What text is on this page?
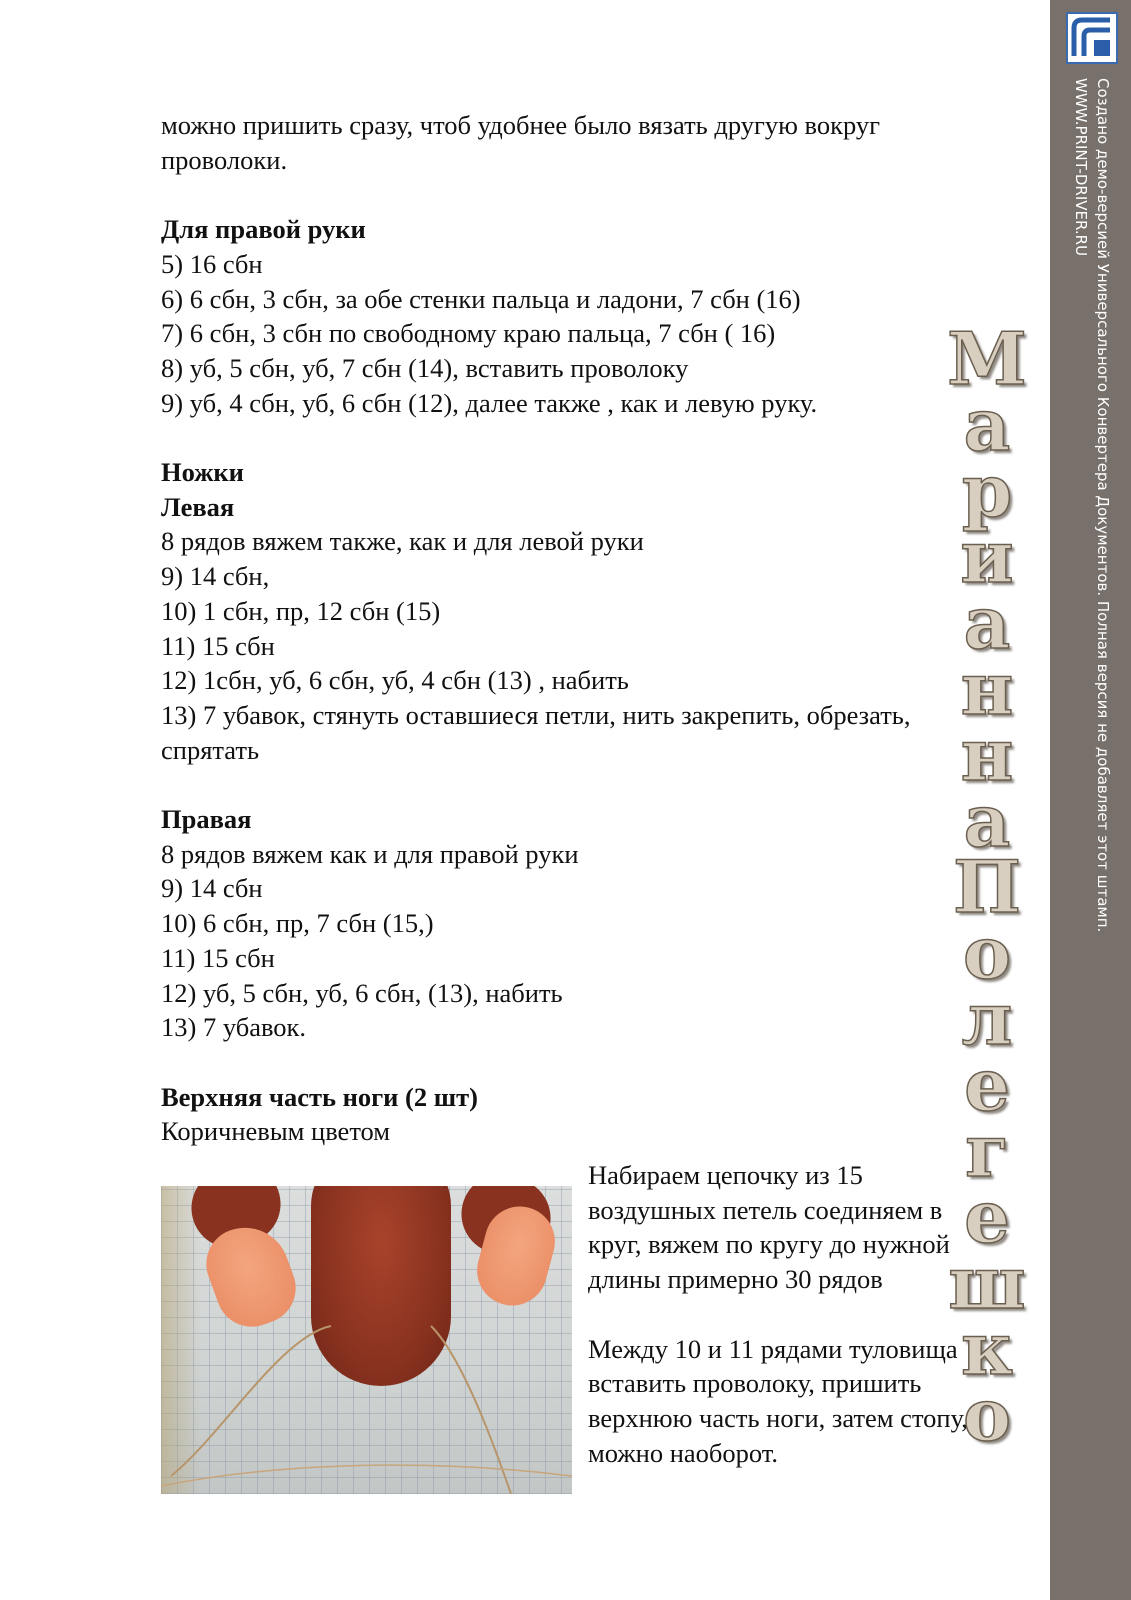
можно пришить сразу, чтоб удобнее было вязать другую вокруг
проволоки.
Для правой руки
5) 16 сбн
6) 6 сбн, 3 сбн, за обе стенки пальца и ладони, 7 сбн (16)
7) 6 сбн, 3 сбн по свободному краю пальца, 7 сбн ( 16)
8) уб, 5 сбн, уб, 7 сбн (14), вставить проволоку
9) уб, 4 сбн, уб, 6 сбн (12), далее также , как и левую руку.
Ножки
Левая
8 рядов вяжем также, как и для левой руки
9) 14 сбн,
10) 1 сбн, пр, 12 сбн (15)
11) 15 сбн
12) 1сбн, уб, 6 сбн, уб, 4 сбн (13) , набить
13) 7 убавок, стянуть оставшиеся петли, нить закрепить, обрезать,
спрятать
Правая
8 рядов вяжем как и для правой руки
9) 14 сбн
10) 6 сбн, пр, 7 сбн (15,)
11) 15 сбн
12) уб, 5 сбн, уб, 6 сбн, (13), набить
13) 7 убавок.
Верхняя часть ноги (2 шт)
Коричневым цветом
Набираем цепочку из 15
воздушных петель соединяем в
круг, вяжем по кругу до нужной
длины примерно 30 рядов
Между 10 и 11 рядами туловища
вставить проволоку, пришить
верхнюю часть ноги, затем стопу,
можно наоборот.
М
а
р
и
а
н
н
а
П
о
л
е
г
е
ш
к
о
Создано демо-версией Универсального Конвертера Документов. Полная версия не добавляет этот штамп.
WWW.PRINT-DRIVER.RU
